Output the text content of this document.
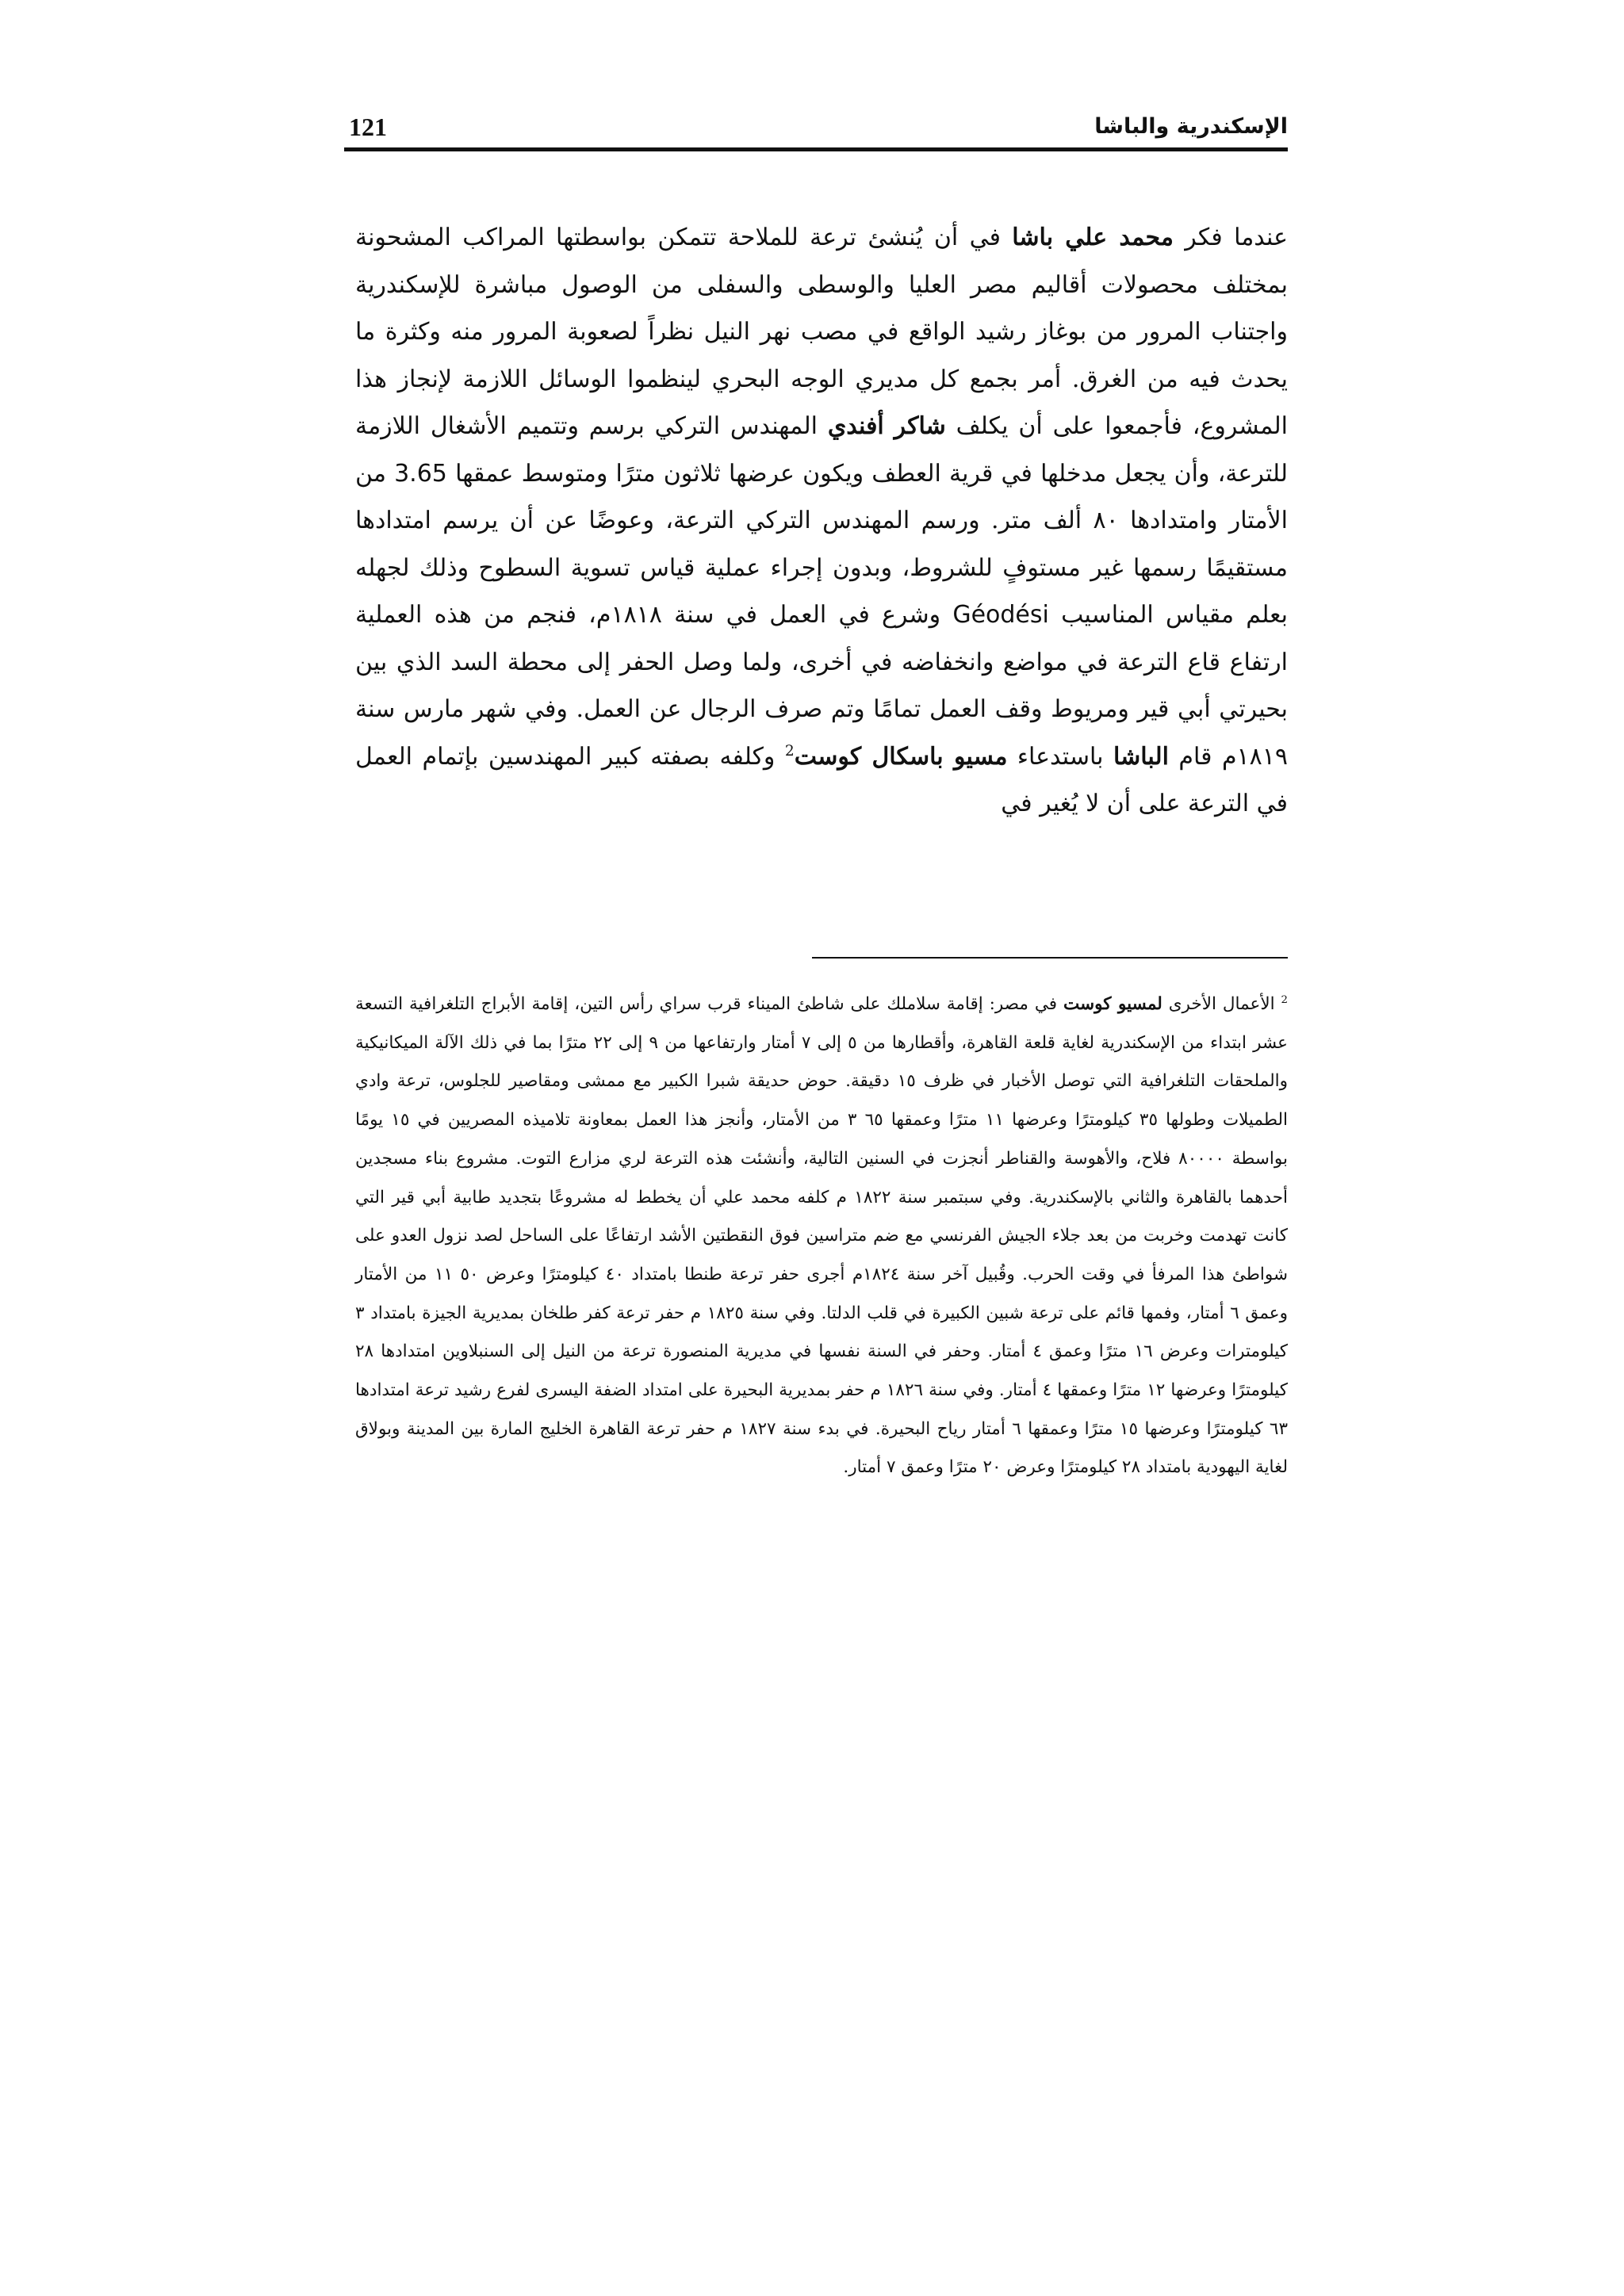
121	الإسكندرية والباشا

عندما فكر محمد علي باشا في أن يُنشئ ترعة للملاحة تتمكن بواسطتها المراكب المشحونة بمختلف محصولات أقاليم مصر العليا والوسطى والسفلى من الوصول مباشرة للإسكندرية واجتناب المرور من بوغاز رشيد الواقع في مصب نهر النيل نظراً لصعوبة المرور منه وكثرة ما يحدث فيه من الغرق. أمر بجمع كل مديري الوجه البحري لينظموا الوسائل اللازمة لإنجاز هذا المشروع، فأجمعوا على أن يكلف شاكر أفندي المهندس التركي برسم وتتميم الأشغال اللازمة للترعة، وأن يجعل مدخلها في قرية العطف ويكون عرضها ثلاثون مترًا ومتوسط عمقها 3.65 من الأمتار وامتدادها ٨٠ ألف متر. ورسم المهندس التركي الترعة، وعوضًا عن أن يرسم امتدادها مستقيمًا رسمها غير مستوفٍ للشروط، وبدون إجراء عملية قياس تسوية السطوح وذلك لجهله بعلم مقياس المناسيب Géodési وشرع في العمل في سنة ١٨١٨م، فنجم من هذه العملية ارتفاع قاع الترعة في مواضع وانخفاضه في أخرى، ولما وصل الحفر إلى محطة السد الذي بين بحيرتي أبي قير ومريوط وقف العمل تمامًا وتم صرف الرجال عن العمل. وفي شهر مارس سنة ١٨١٩م قام الباشا باستدعاء مسيو باسكال كوست$^2$ وكلفه بصفته كبير المهندسين بإتمام العمل في الترعة على أن لا يُغير في

$^2$ الأعمال الأخرى لمسيو كوست في مصر: إقامة سلاملك على شاطئ الميناء قرب سراي رأس التين، إقامة الأبراج التلغرافية التسعة عشر ابتداء من الإسكندرية لغاية قلعة القاهرة، وأقطارها من ٥ إلى ٧ أمتار وارتفاعها من ٩ إلى ٢٢ مترًا بما في ذلك الآلة الميكانيكية والملحقات التلغرافية التي توصل الأخبار في ظرف ١٥ دقيقة. حوض حديقة شبرا الكبير مع ممشى ومقاصير للجلوس، ترعة وادي الطميلات وطولها ٣٥ كيلومترًا وعرضها ١١ مترًا وعمقها ٦٥ ٣ من الأمتار، وأنجز هذا العمل بمعاونة تلاميذه المصريين في ١٥ يومًا بواسطة ٨٠٠٠٠ فلاح، والأهوسة والقناطر أنجزت في السنين التالية، وأنشئت هذه الترعة لري مزارع التوت. مشروع بناء مسجدين أحدهما بالقاهرة والثاني بالإسكندرية. وفي سبتمبر سنة ١٨٢٢ م كلفه محمد علي أن يخطط له مشروعًا بتجديد طابية أبي قير التي كانت تهدمت وخربت من بعد جلاء الجيش الفرنسي مع ضم متراسين فوق النقطتين الأشد ارتفاعًا على الساحل لصد نزول العدو على شواطئ هذا المرفأ في وقت الحرب. وقُبيل آخر سنة ١٨٢٤م أجرى حفر ترعة طنطا بامتداد ٤٠ كيلومترًا وعرض ٥٠ ١١ من الأمتار وعمق ٦ أمتار، وفمها قائم على ترعة شبين الكبيرة في قلب الدلتا. وفي سنة ١٨٢٥ م حفر ترعة كفر طلخان بمديرية الجيزة بامتداد ٣ كيلومترات وعرض ١٦ مترًا وعمق ٤ أمتار. وحفر في السنة نفسها في مديرية المنصورة ترعة من النيل إلى السنبلاوين امتدادها ٢٨ كيلومترًا وعرضها ١٢ مترًا وعمقها ٤ أمتار. وفي سنة ١٨٢٦ م حفر بمديرية البحيرة على امتداد الضفة اليسرى لفرع رشيد ترعة امتدادها ٦٣ كيلومترًا وعرضها ١٥ مترًا وعمقها ٦ أمتار رياح البحيرة. في بدء سنة ١٨٢٧ م حفر ترعة القاهرة الخليج المارة بين المدينة وبولاق لغاية اليهودية بامتداد ٢٨ كيلومترًا وعرض ٢٠ مترًا وعمق ٧ أمتار.
